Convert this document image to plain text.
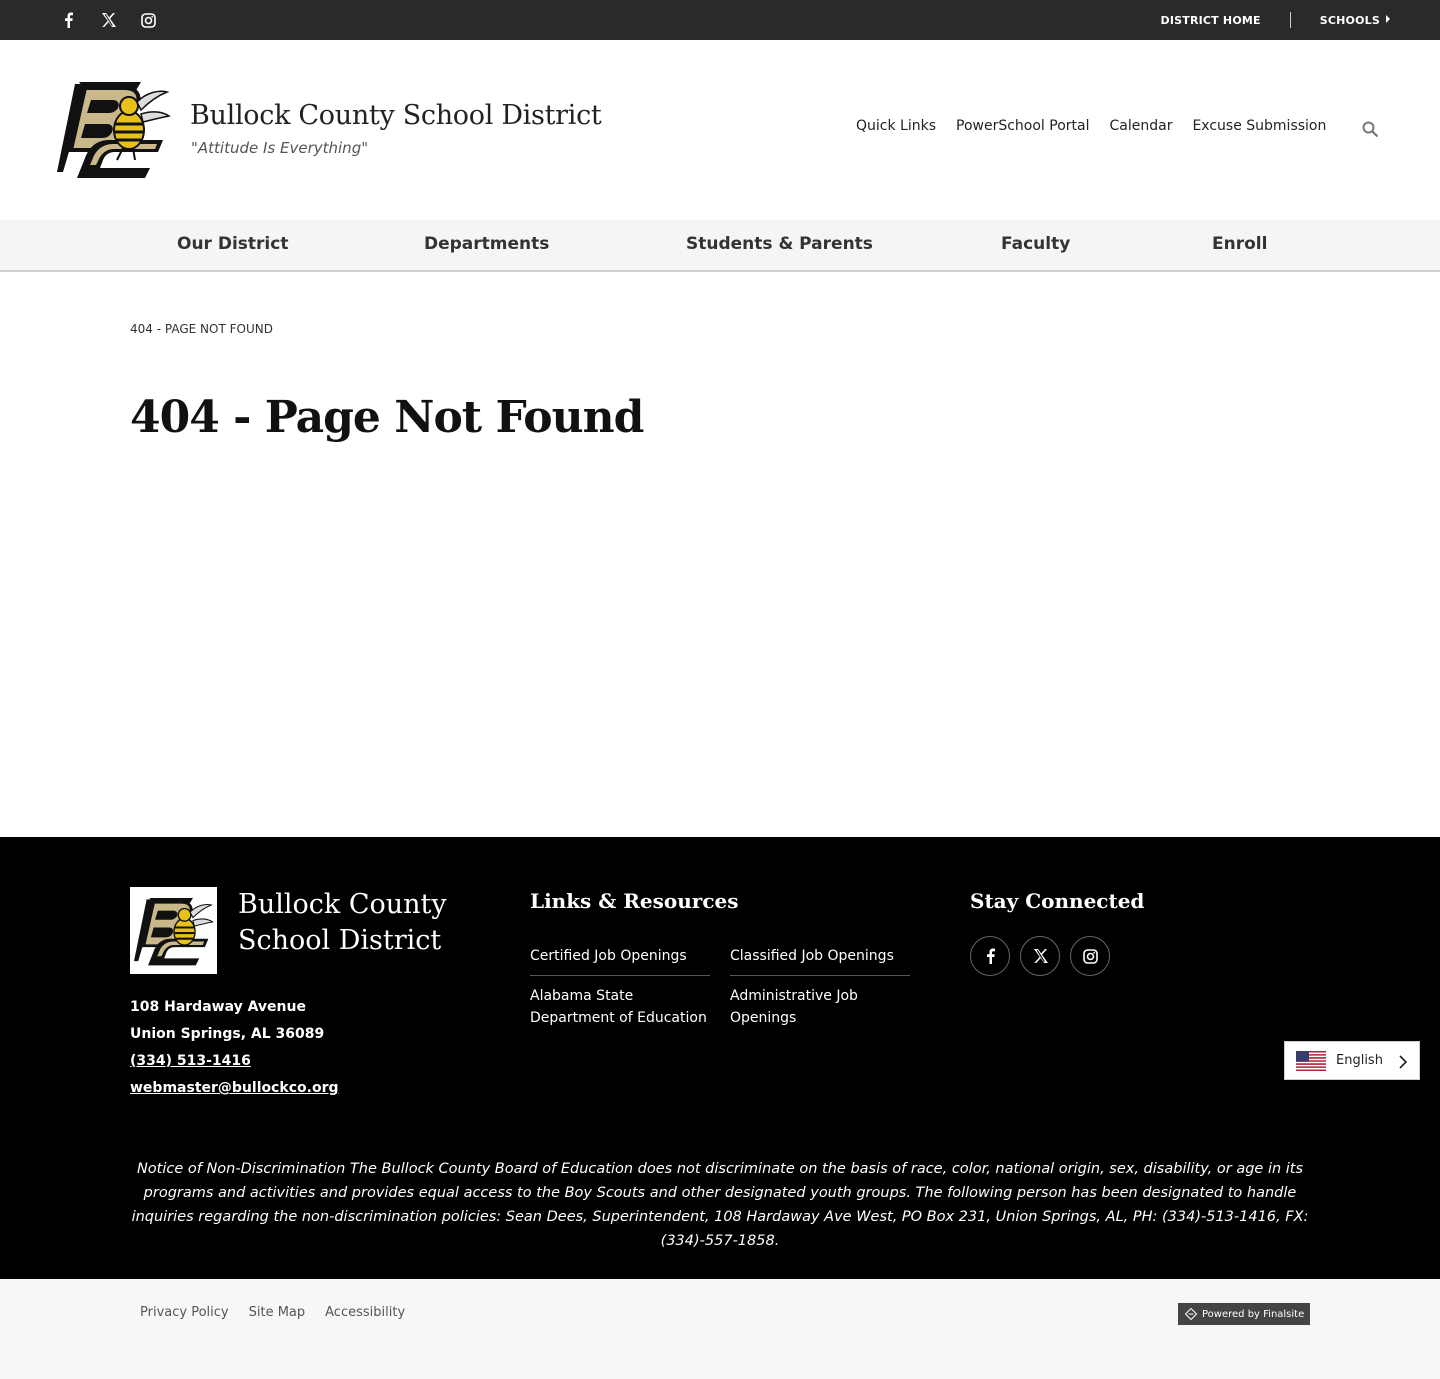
DISTRICT HOME	SCHOOLS
Bullock County School District
"Attitude Is Everything"
Quick Links PowerSchool Portal Calendar Excuse Submission
Our District	Departments	Students & Parents	Faculty	Enroll
404 - PAGE NOT FOUND
404 - Page Not Found
Bullock County
School District
108 Hardaway Avenue
Union Springs, AL 36089
(334) 513-1416
webmaster@bullockco.org
Links & Resources
Certified Job Openings	Classified Job Openings
Alabama State Department of Education
Administrative Job Openings
Stay Connected

Notice of Non-Discrimination The Bullock County Board of Education does not discriminate on the basis of race, color, national origin, sex, disability, or age in its programs and activities and provides equal access to the Boy Scouts and other designated youth groups. The following person has been designated to handle inquiries regarding the non-discrimination policies: Sean Dees, Superintendent, 108 Hardaway Ave West, PO Box 231, Union Springs, AL, PH: (334)-513-1416, FX: (334)-557-1858.

English
Privacy Policy Site Map Accessibility	Powered by Finalsite
